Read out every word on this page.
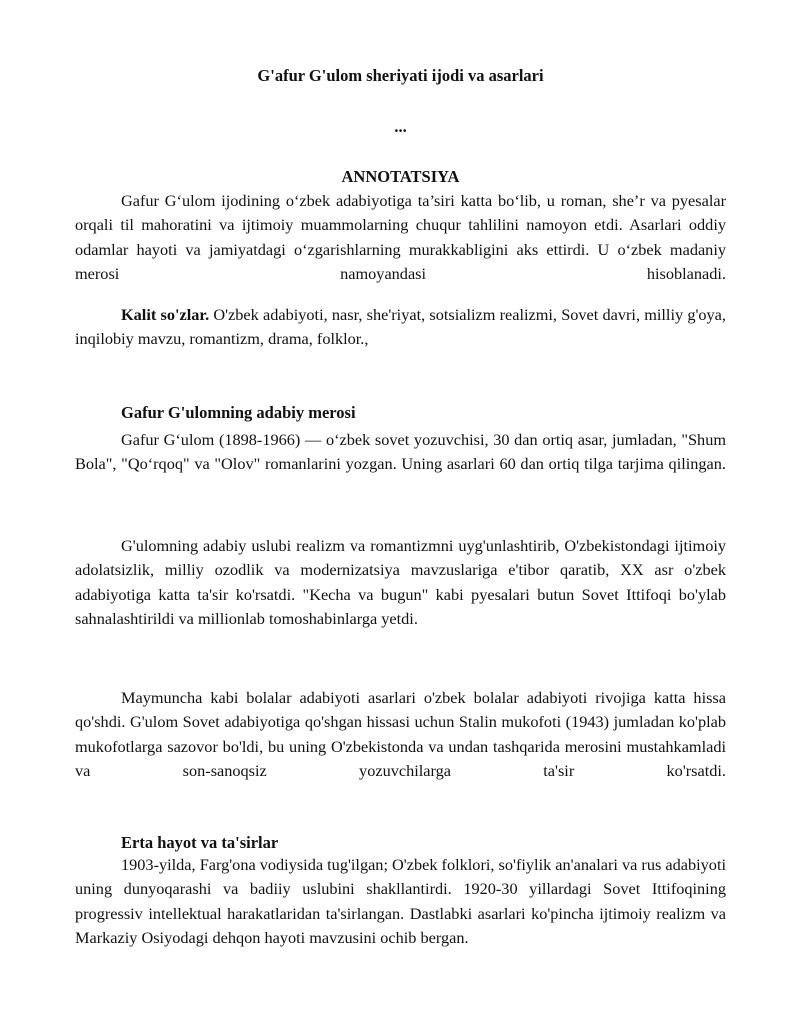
G'afur G'ulom sheriyati ijodi va asarlari
...
ANNOTATSIYA
Gafur G‘ulom ijodining o‘zbek adabiyotiga ta’siri katta bo‘lib, u roman, she’r va pyesalar orqali til mahoratini va ijtimoiy muammolarning chuqur tahlilini namoyon etdi. Asarlari oddiy odamlar hayoti va jamiyatdagi o‘zgarishlarning murakkabligini aks ettirdi. U o‘zbek madaniy merosi namoyandasi hisoblanadi.
Kalit so'zlar. O'zbek adabiyoti, nasr, she'riyat, sotsializm realizmi, Sovet davri, milliy g'oya, inqilobiy mavzu, romantizm, drama, folklor.,
Gafur G'ulomning adabiy merosi
Gafur G‘ulom (1898-1966) — o‘zbek sovet yozuvchisi, 30 dan ortiq asar, jumladan, "Shum Bola", "Qo‘rqoq" va "Olov" romanlarini yozgan. Uning asarlari 60 dan ortiq tilga tarjima qilingan.
G'ulomning adabiy uslubi realizm va romantizmni uyg'unlashtirib, O'zbekistondagi ijtimoiy adolatsizlik, milliy ozodlik va modernizatsiya mavzuslariga e'tibor qaratib, XX asr o'zbek adabiyotiga katta ta'sir ko'rsatdi. "Kecha va bugun" kabi pyesalari butun Sovet Ittifoqi bo'ylab sahnalashtirildi va millionlab tomoshabinlarga yetdi.
Maymuncha kabi bolalar adabiyoti asarlari o'zbek bolalar adabiyoti rivojiga katta hissa qo'shdi. G'ulom Sovet adabiyotiga qo'shgan hissasi uchun Stalin mukofoti (1943) jumladan ko'plab mukofotlarga sazovor bo'ldi, bu uning O'zbekistonda va undan tashqarida merosini mustahkamladi va son-sanoqsiz yozuvchilarga ta'sir ko'rsatdi.
Erta hayot va ta'sirlar
1903-yilda, Farg'ona vodiysida tug'ilgan; O'zbek folklori, so'fiylik an'analari va rus adabiyoti uning dunyoqarashi va badiiy uslubini shakllantirdi. 1920-30 yillardagi Sovet Ittifoqining progressiv intellektual harakatlaridan ta'sirlangan. Dastlabki asarlari ko'pincha ijtimoiy realizm va Markaziy Osiyodagi dehqon hayoti mavzusini ochib bergan.
